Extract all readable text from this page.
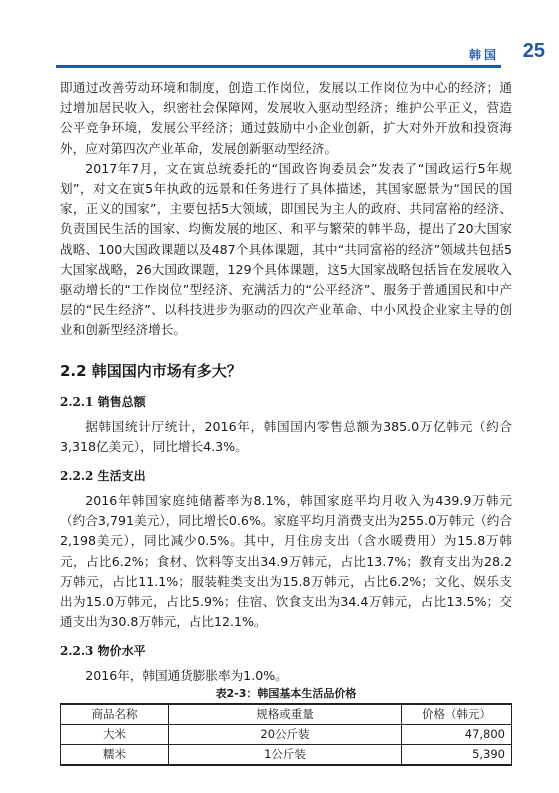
韩国 25

即通过改善劳动环境和制度，创造工作岗位，发展以工作岗位为中心的经济；通过增加居民收入，织密社会保障网，发展收入驱动型经济；维护公平正义，营造公平竞争环境，发展公平经济；通过鼓励中小企业创新，扩大对外开放和投资海外，应对第四次产业革命，发展创新驱动型经济。

2017年7月，文在寅总统委托的“国政咨询委员会”发表了“国政运行5年规划”，对文在寅5年执政的远景和任务进行了具体描述，其国家愿景为“国民的国家，正义的国家”，主要包括5大领域，即国民为主人的政府、共同富裕的经济、负责国民生活的国家、均衡发展的地区、和平与繁荣的韩半岛，提出了20大国家战略、100大国政课题以及487个具体课题，其中“共同富裕的经济”领域共包括5大国家战略，26大国政课题，129个具体课题，这5大国家战略包括旨在发展收入驱动增长的“工作岗位”型经济、充满活力的“公平经济”、服务于普通国民和中产层的“民生经济”、以科技进步为驱动的四次产业革命、中小风投企业家主导的创业和创新型经济增长。

2.2 韩国国内市场有多大？
2.2.1 销售总额

据韩国统计厅统计，2016年，韩国国内零售总额为385.0万亿韩元（约合3,318亿美元），同比增长4.3%。

2.2.2 生活支出

2016年韩国家庭纯储蓄率为8.1%，韩国家庭平均月收入为439.9万韩元（约合3,791美元），同比增长0.6%。家庭平均月消费支出为255.0万韩元（约合2,198美元），同比减少0.5%。其中，月住房支出（含水暖费用）为15.8万韩元，占比6.2%；食材、饮料等支出34.9万韩元，占比13.7%；教育支出为28.2万韩元，占比11.1%；服装鞋类支出为15.8万韩元，占比6.2%；文化、娱乐支出为15.0万韩元，占比5.9%；住宿、饮食支出为34.4万韩元，占比13.5%；交通支出为30.8万韩元，占比12.1%。

2.2.3 物价水平

2016年，韩国通货膨胀率为1.0%。

表2-3：韩国基本生活品价格
商品名称	规格或重量	价格（韩元）
大米	20公斤装	47,800
糯米	1公斤装	5,390
